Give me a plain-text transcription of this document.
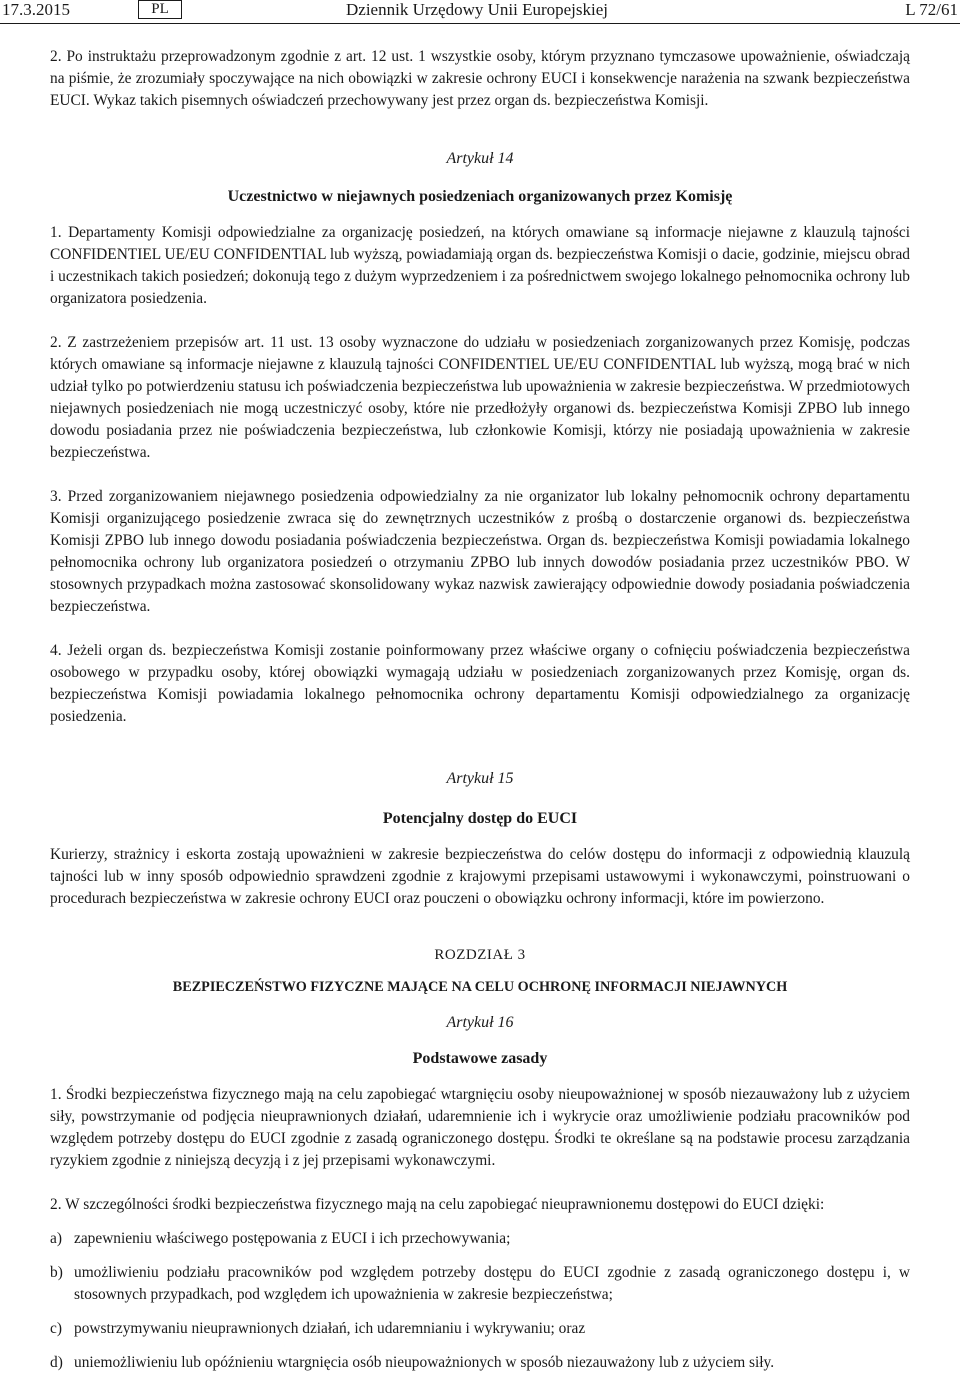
17.3.2015	PL	Dziennik Urzędowy Unii Europejskiej	L 72/61

2. Po instruktażu przeprowadzonym zgodnie z art. 12 ust. 1 wszystkie osoby, którym przyznano tymczasowe upoważnienie, oświadczają na piśmie, że zrozumiały spoczywające na nich obowiązki w zakresie ochrony EUCI i konsekwencje narażenia na szwank bezpieczeństwa EUCI. Wykaz takich pisemnych oświadczeń przechowywany jest przez organ ds. bezpieczeństwa Komisji.

Artykuł 14
Uczestnictwo w niejawnych posiedzeniach organizowanych przez Komisję

1. Departamenty Komisji odpowiedzialne za organizację posiedzeń, na których omawiane są informacje niejawne z klauzulą tajności CONFIDENTIEL UE/EU CONFIDENTIAL lub wyższą, powiadamiają organ ds. bezpieczeństwa Komisji o dacie, godzinie, miejscu obrad i uczestnikach takich posiedzeń; dokonują tego z dużym wyprzedzeniem i za pośrednictwem swojego lokalnego pełnomocnika ochrony lub organizatora posiedzenia.

2. Z zastrzeżeniem przepisów art. 11 ust. 13 osoby wyznaczone do udziału w posiedzeniach zorganizowanych przez Komisję, podczas których omawiane są informacje niejawne z klauzulą tajności CONFIDENTIEL UE/EU CONFIDENTIAL lub wyższą, mogą brać w nich udział tylko po potwierdzeniu statusu ich poświadczenia bezpieczeństwa lub upoważnienia w zakresie bezpieczeństwa. W przedmiotowych niejawnych posiedzeniach nie mogą uczestniczyć osoby, które nie przedłożyły organowi ds. bezpieczeństwa Komisji ZPBO lub innego dowodu posiadania przez nie poświadczenia bezpieczeństwa, lub członkowie Komisji, którzy nie posiadają upoważnienia w zakresie bezpieczeństwa.

3. Przed zorganizowaniem niejawnego posiedzenia odpowiedzialny za nie organizator lub lokalny pełnomocnik ochrony departamentu Komisji organizującego posiedzenie zwraca się do zewnętrznych uczestników z prośbą o dostarczenie organowi ds. bezpieczeństwa Komisji ZPBO lub innego dowodu posiadania poświadczenia bezpieczeństwa. Organ ds. bezpieczeństwa Komisji powiadamia lokalnego pełnomocnika ochrony lub organizatora posiedzeń o otrzymaniu ZPBO lub innych dowodów posiadania przez uczestników PBO. W stosownych przypadkach można zastosować skonsolidowany wykaz nazwisk zawierający odpowiednie dowody posiadania poświadczenia bezpieczeństwa.

4. Jeżeli organ ds. bezpieczeństwa Komisji zostanie poinformowany przez właściwe organy o cofnięciu poświadczenia bezpieczeństwa osobowego w przypadku osoby, której obowiązki wymagają udziału w posiedzeniach zorganizowanych przez Komisję, organ ds. bezpieczeństwa Komisji powiadamia lokalnego pełnomocnika ochrony departamentu Komisji odpowiedzialnego za organizację posiedzenia.

Artykuł 15
Potencjalny dostęp do EUCI

Kurierzy, strażnicy i eskorta zostają upoważnieni w zakresie bezpieczeństwa do celów dostępu do informacji z odpowiednią klauzulą tajności lub w inny sposób odpowiednio sprawdzeni zgodnie z krajowymi przepisami ustawowymi i wykonawczymi, poinstruowani o procedurach bezpieczeństwa w zakresie ochrony EUCI oraz pouczeni o obowiązku ochrony informacji, które im powierzono.

ROZDZIAŁ 3
BEZPIECZEŃSTWO FIZYCZNE MAJĄCE NA CELU OCHRONĘ INFORMACJI NIEJAWNYCH
Artykuł 16
Podstawowe zasady

1. Środki bezpieczeństwa fizycznego mają na celu zapobiegać wtargnięciu osoby nieupoważnionej w sposób niezauważony lub z użyciem siły, powstrzymanie od podjęcia nieuprawnionych działań, udaremnienie ich i wykrycie oraz umożliwienie podziału pracowników pod względem potrzeby dostępu do EUCI zgodnie z zasadą ograniczonego dostępu. Środki te określane są na podstawie procesu zarządzania ryzykiem zgodnie z niniejszą decyzją i z jej przepisami wykonawczymi.

2. W szczególności środki bezpieczeństwa fizycznego mają na celu zapobiegać nieuprawnionemu dostępowi do EUCI dzięki:

a) zapewnieniu właściwego postępowania z EUCI i ich przechowywania;
b) umożliwieniu podziału pracowników pod względem potrzeby dostępu do EUCI zgodnie z zasadą ograniczonego dostępu i, w stosownych przypadkach, pod względem ich upoważnienia w zakresie bezpieczeństwa;
c) powstrzymywaniu nieuprawnionych działań, ich udaremnianiu i wykrywaniu; oraz
d) uniemożliwieniu lub opóźnieniu wtargnięcia osób nieupoważnionych w sposób niezauważony lub z użyciem siły.
